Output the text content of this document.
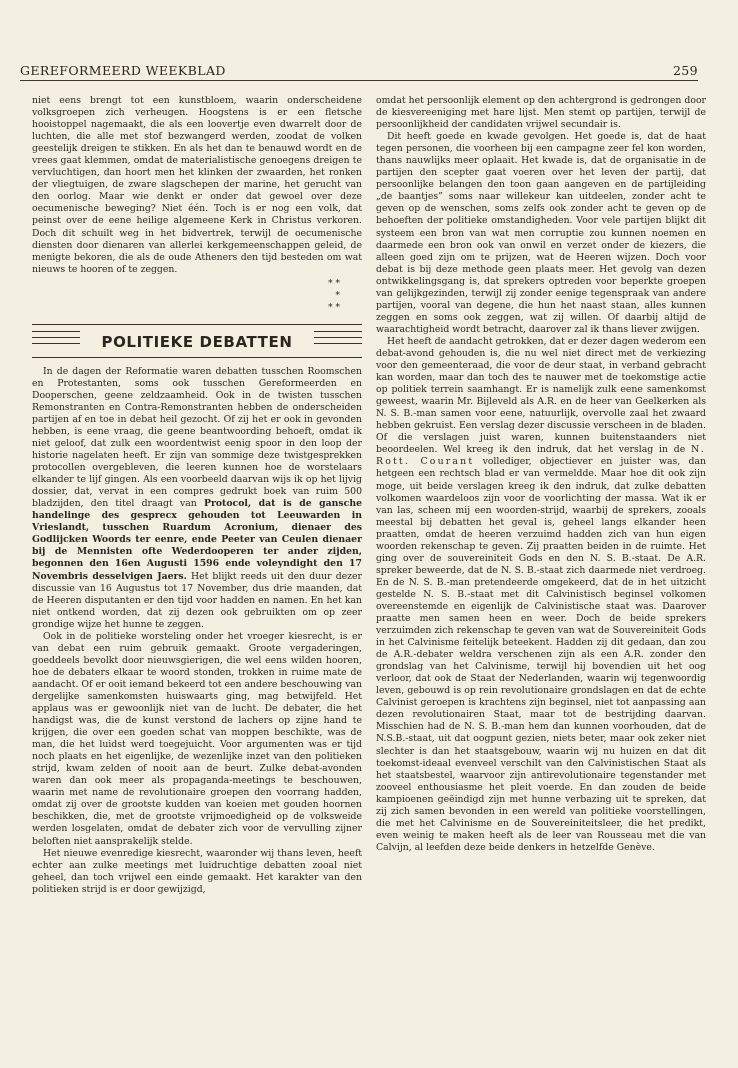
GEREFORMEERD WEEKBLAD	259

niet eens brengt tot een kunstbloem, waarin onderscheidene volksgroepen zich verheugen. Hoogstens is er een fletsche hooistoppel nagemaakt, die als een loovertje even dwarrelt door de luchten, die alle met stof bezwangerd werden, zoodat de volken geestelijk dreigen te stikken. En als het dan te benauwd wordt en de vrees gaat klemmen, omdat de materialistische genoegens dreigen te vervluchtigen, dan hoort men het klinken der zwaarden, het ronken der vliegtuigen, de zware slagschepen der marine, het gerucht van den oorlog. Maar wie denkt er onder dat gewoel over deze oecumenische beweging? Niet één. Toch is er nog een volk, dat peinst over de eene heilige algemeene Kerk in Christus verkoren. Doch dit schuilt weg in het bidvertrek, terwijl de oecumenische diensten door dienaren van allerlei kerkgemeenschappen geleid, de menigte bekoren, die als de oude Atheners den tijd besteden om wat nieuws te hooren of te zeggen.

* *
*
* *
POLITIEKE DEBATTEN

In de dagen der Reformatie waren debatten tusschen Roomschen en Protestanten, soms ook tusschen Gereformeerden en Dooperschen, geene zeldzaamheid. Ook in de twisten tusschen Remonstranten en Contra-Remonstranten hebben de onderscheiden partijen af en toe in debat heil gezocht. Of zij het er ook in gevonden hebben, is eene vraag, die geene beantwoording behoeft, omdat ik niet geloof, dat zulk een woordentwist eenig spoor in den loop der historie nagelaten heeft. Er zijn van sommige deze twistgesprekken protocollen overgebleven, die leeren kunnen hoe de worstelaars elkander te lijf gingen. Als een voorbeeld daarvan wijs ik op het lijvig dossier, dat, vervat in een compres gedrukt boek van ruim 500 bladzijden, den titel draagt van Protocol, dat is de gansche handelinge des gesprecx gehouden tot Leeuwarden in Vrieslandt, tusschen Ruardum Acronium, dienaer des Godlijcken Woords ter eenre, ende Peeter van Ceulen dienaer bij de Mennisten ofte Wederdooperen ter ander zijden, begonnen den 16en Augusti 1596 ende voleyndight den 17 Novembris desselvigen Jaers. Het blijkt reeds uit den duur dezer discussie van 16 Augustus tot 17 November, dus drie maanden, dat de Heeren disputanten er den tijd voor hadden en namen. En het kan niet ontkend worden, dat zij dezen ook gebruikten om op zeer grondige wijze het hunne te zeggen.

Ook in de politieke worsteling onder het vroeger kiesrecht, is er van debat een ruim gebruik gemaakt. Groote vergaderingen, goeddeels bevolkt door nieuwsgierigen, die wel eens wilden hooren, hoe de debaters elkaar te woord stonden, trokken in ruime mate de aandacht. Of er ooit iemand bekeerd tot een andere beschouwing van dergelijke samenkomsten huiswaarts ging, mag betwijfeld. Het applaus was er gewoonlijk niet van de lucht. De debater, die het handigst was, die de kunst verstond de lachers op zijne hand te krijgen, die over een goeden schat van moppen beschikte, was de man, die het luidst werd toegejuicht. Voor argumenten was er tijd noch plaats en het eigenlijke, de wezenlijke inzet van den politieken strijd, kwam zelden of nooit aan de beurt. Zulke debat-avonden waren dan ook meer als propaganda-meetings te beschouwen, waarin met name de revolutionaire groepen den voorrang hadden, omdat zij over de grootste kudden van koeien met gouden hoornen beschikken, die, met de grootste vrijmoedigheid op de volksweide werden losgelaten, omdat de debater zich voor de vervulling zijner beloften niet aansprakelijk stelde.

Het nieuwe evenredige kiesrecht, waaronder wij thans leven, heeft echter aan zulke meetings met luidruchtige debatten zooal niet geheel, dan toch vrijwel een einde gemaakt. Het karakter van den politieken strijd is er door gewijzigd,

omdat het persoonlijk element op den achtergrond is gedrongen door de kiesvereeniging met hare lijst. Men stemt op partijen, terwijl de persoonlijkheid der candidaten vrijwel secundair is.

Dit heeft goede en kwade gevolgen. Het goede is, dat de haat tegen personen, die voorheen bij een campagne zeer fel kon worden, thans nauwlijks meer oplaait. Het kwade is, dat de organisatie in de partijen den scepter gaat voeren over het leven der partij, dat persoonlijke belangen den toon gaan aangeven en de partijleiding „de baantjes” soms naar willekeur kan uitdeelen, zonder acht te geven op de wenschen, soms zelfs ook zonder acht te geven op de behoeften der politieke omstandigheden. Voor vele partijen blijkt dit systeem een bron van wat men corruptie zou kunnen noemen en daarmede een bron ook van onwil en verzet onder de kiezers, die alleen goed zijn om te prijzen, wat de Heeren wijzen. Doch voor debat is bij deze methode geen plaats meer. Het gevolg van dezen ontwikkelingsgang is, dat sprekers optreden voor beperkte groepen van gelijkgezinden, terwijl zij zonder eenige tegenspraak van andere partijen, vooral van degene, die hun het naast staan, alles kunnen zeggen en soms ook zeggen, wat zij willen. Of daarbij altijd de waarachtigheid wordt betracht, daarover zal ik thans liever zwijgen.

Het heeft de aandacht getrokken, dat er dezer dagen wederom een debat-avond gehouden is, die nu wel niet direct met de verkiezing voor den gemeenteraad, die voor de deur staat, in verband gebracht kan worden, maar dan toch des te nauwer met de toekomstige actie op politiek terrein saamhangt. Er is namelijk zulk eene samenkomst geweest, waarin Mr. Bijleveld als A.R. en de heer van Geelkerken als N. S. B.-man samen voor eene, natuurlijk, overvolle zaal het zwaard hebben gekruist. Een verslag dezer discussie verscheen in de bladen. Of die verslagen juist waren, kunnen buitenstaanders niet beoordeelen. Wel kreeg ik den indruk, dat het verslag in de N. Rott. Courant vollediger, objectiever en juister was, dan hetgeen een rechtsch blad er van vermeldde. Maar hoe dit ook zijn moge, uit beide verslagen kreeg ik den indruk, dat zulke debatten volkomen waardeloos zijn voor de voorlichting der massa. Wat ik er van las, scheen mij een woorden-strijd, waarbij de sprekers, zooals meestal bij debatten het geval is, geheel langs elkander heen praatten, omdat de heeren verzuimd hadden zich van hun eigen woorden rekenschap te geven. Zij praatten beiden in de ruimte. Het ging over de souvereiniteit Gods en den N. S. B.-staat. De A.R. spreker beweerde, dat de N. S. B.-staat zich daarmede niet verdroeg. En de N. S. B.-man pretendeerde omgekeerd, dat de in het uitzicht gestelde N. S. B.-staat met dit Calvinistisch beginsel volkomen overeenstemde en eigenlijk de Calvinistische staat was. Daarover praatte men samen heen en weer. Doch de beide sprekers verzuimden zich rekenschap te geven van wat de Souvereiniteit Gods in het Calvinisme feitelijk beteekent. Hadden zij dit gedaan, dan zou de A.R.-debater weldra verschenen zijn als een A.R. zonder den grondslag van het Calvinisme, terwijl hij bovendien uit het oog verloor, dat ook de Staat der Nederlanden, waarin wij tegenwoordig leven, gebouwd is op rein revolutionaire grondslagen en dat de echte Calvinist geroepen is krachtens zijn beginsel, niet tot aanpassing aan dezen revolutionairen Staat, maar tot de bestrijding daarvan. Misschien had de N. S. B.-man hem dan kunnen voorhouden, dat de N.S.B.-staat, uit dat oogpunt gezien, niets beter, maar ook zeker niet slechter is dan het staatsgebouw, waarin wij nu huizen en dat dit toekomst-ideaal evenveel verschilt van den Calvinistischen Staat als het staatsbestel, waarvoor zijn antirevolutionaire tegenstander met zooveel enthousiasme het pleit voerde. En dan zouden de beide kampioenen geëindigd zijn met hunne verbazing uit te spreken, dat zij zich samen bevonden in een wereld van politieke voorstellingen, die met het Calvinisme en de Souvereiniteitsleer, die het predikt, even weinig te maken heeft als de leer van Rousseau met die van Calvijn, al leefden deze beide denkers in hetzelfde Genève.
